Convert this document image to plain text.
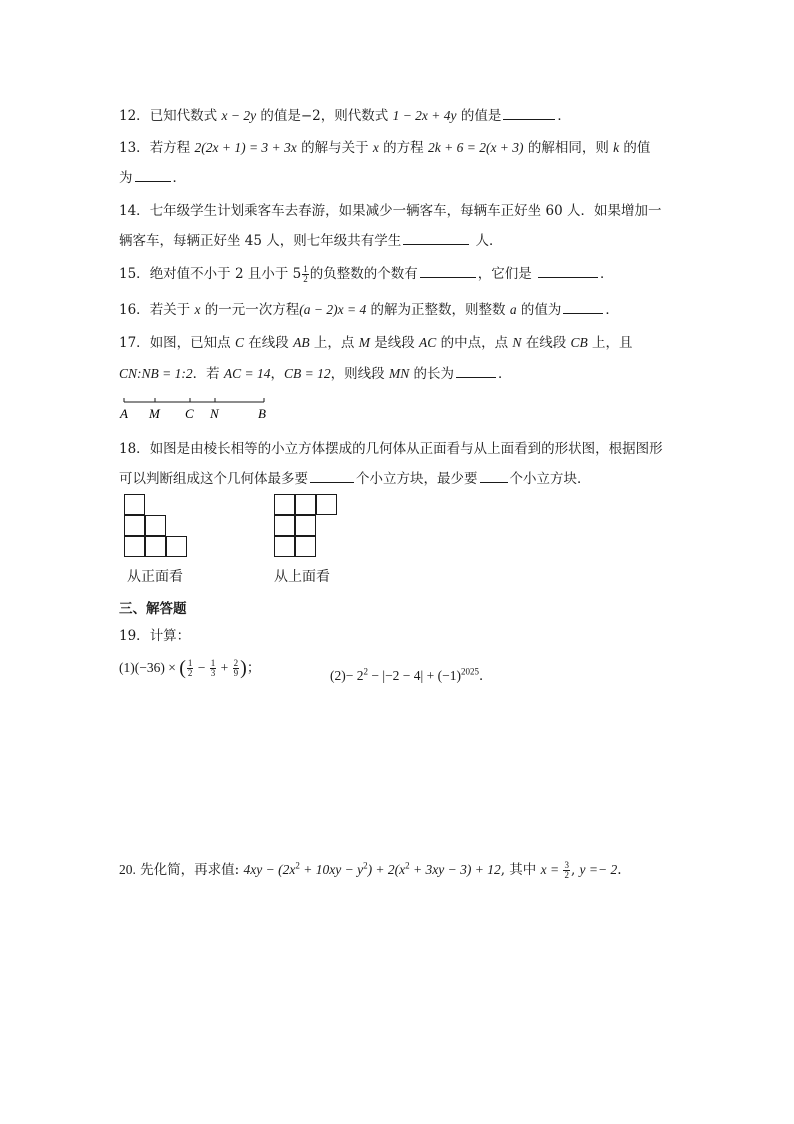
12．已知代数式 x − 2y 的值是−2，则代数式 1 − 2x + 4y 的值是	．
13．若方程 2(2x + 1) = 3 + 3x 的解与关于 x 的方程 2k + 6 = 2(x + 3) 的解相同，则 k 的值
为	．
14．七年级学生计划乘客车去春游，如果减少一辆客车，每辆车正好坐 60 人．如果增加一
辆客车，每辆正好坐 45 人，则七年级共有学生	人．
15．绝对值不小于 2 且小于 $5 \frac{1}{2}$ 的负整数的个数有	，它们是	．
16．若关于 x 的一元一次方程(a − 2)x = 4 的解为正整数，则整数 a 的值为	．
17．如图，已知点 C 在线段 AB 上，点 M 是线段 AC 的中点，点 N 在线段 CB 上，且
CN:NB = 1:2．若 AC = 14，CB = 12，则线段 MN 的长为	．
A M C N	B
18．如图是由棱长相等的小立方体摆成的几何体从正面看与从上面看到的形状图，根据图形
可以判断组成这个几何体最多要	个小立方块，最少要 个小立方块．
从正面看	从上面看
三、解答题
19．计算：
(1)(−36) × ( $\frac{1}{2} - \frac{1}{3} + \frac{2}{9}$ )；	$(2)- 2^2 - |-2 - 4| + (-1)^{2025}$．
20. 先化简，再求值: $4xy - (2x^2 + 10xy - y^2) + 2(x^2 + 3xy - 3) + 12$, 其中 $x = \frac{3}{2}$ , y =− 2.
